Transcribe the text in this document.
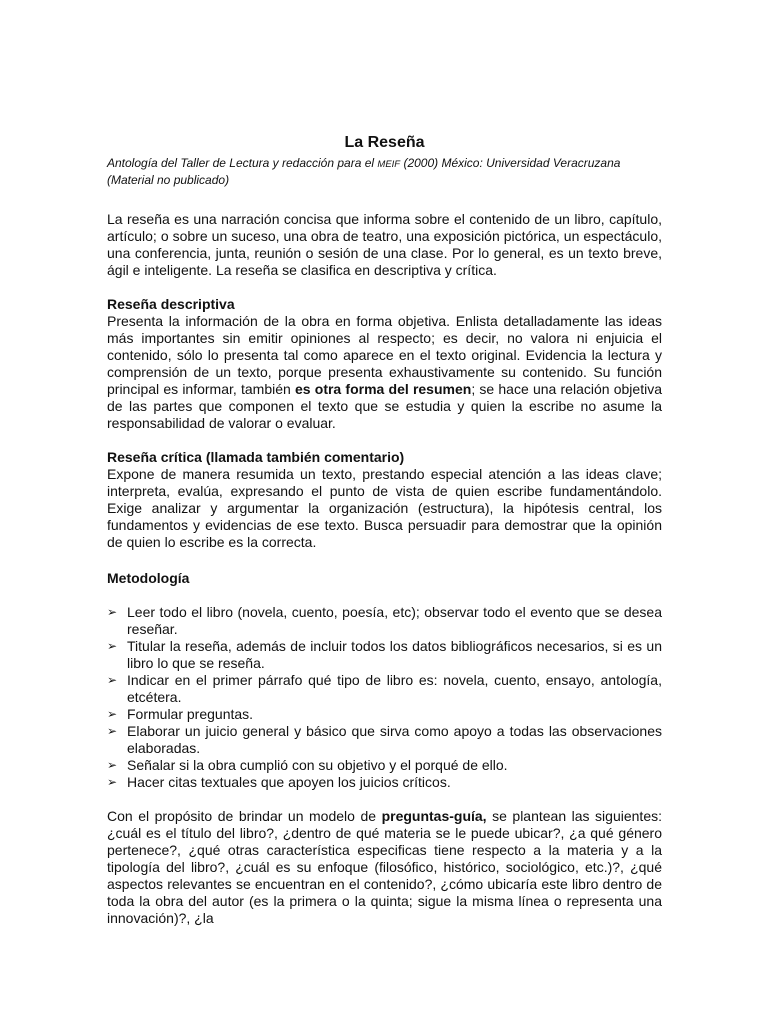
La Reseña

Antología del Taller de Lectura y redacción para el MEIF (2000) México: Universidad Veracruzana

(Material no publicado)

La reseña es una narración concisa que informa sobre el contenido de un libro, capítulo, artículo; o sobre un suceso, una obra de teatro, una exposición pictórica, un espectáculo, una conferencia, junta, reunión o sesión de una clase. Por lo general, es un texto breve, ágil e inteligente. La reseña se clasifica en descriptiva y crítica.

Reseña descriptiva

Presenta la información de la obra en forma objetiva. Enlista detalladamente las ideas más importantes sin emitir opiniones al respecto; es decir, no valora ni enjuicia el contenido, sólo lo presenta tal como aparece en el texto original. Evidencia la lectura y comprensión de un texto, porque presenta exhaustivamente su contenido. Su función principal es informar, también es otra forma del resumen; se hace una relación objetiva de las partes que componen el texto que se estudia y quien la escribe no asume la responsabilidad de valorar o evaluar.

Reseña crítica (llamada también comentario)

Expone de manera resumida un texto, prestando especial atención a las ideas clave; interpreta, evalúa, expresando el punto de vista de quien escribe fundamentándolo. Exige analizar y argumentar la organización (estructura), la hipótesis central, los fundamentos y evidencias de ese texto. Busca persuadir para demostrar que la opinión de quien lo escribe es la correcta.

Metodología

➢ Leer todo el libro (novela, cuento, poesía, etc); observar todo el evento que se desea reseñar.
➢ Titular la reseña, además de incluir todos los datos bibliográficos necesarios, si es un libro lo que se reseña.
➢ Indicar en el primer párrafo qué tipo de libro es: novela, cuento, ensayo, antología, etcétera.
➢ Formular preguntas.
➢ Elaborar un juicio general y básico que sirva como apoyo a todas las observaciones elaboradas.
➢ Señalar si la obra cumplió con su objetivo y el porqué de ello.
➢ Hacer citas textuales que apoyen los juicios críticos.

Con el propósito de brindar un modelo de preguntas-guía, se plantean las siguientes: ¿cuál es el título del libro?, ¿dentro de qué materia se le puede ubicar?, ¿a qué género pertenece?, ¿qué otras característica especificas tiene respecto a la materia y a la tipología del libro?, ¿cuál es su enfoque (filosófico, histórico, sociológico, etc.)?, ¿qué aspectos relevantes se encuentran en el contenido?, ¿cómo ubicaría este libro dentro de toda la obra del autor (es la primera o la quinta; sigue la misma línea o representa una innovación)?, ¿la
